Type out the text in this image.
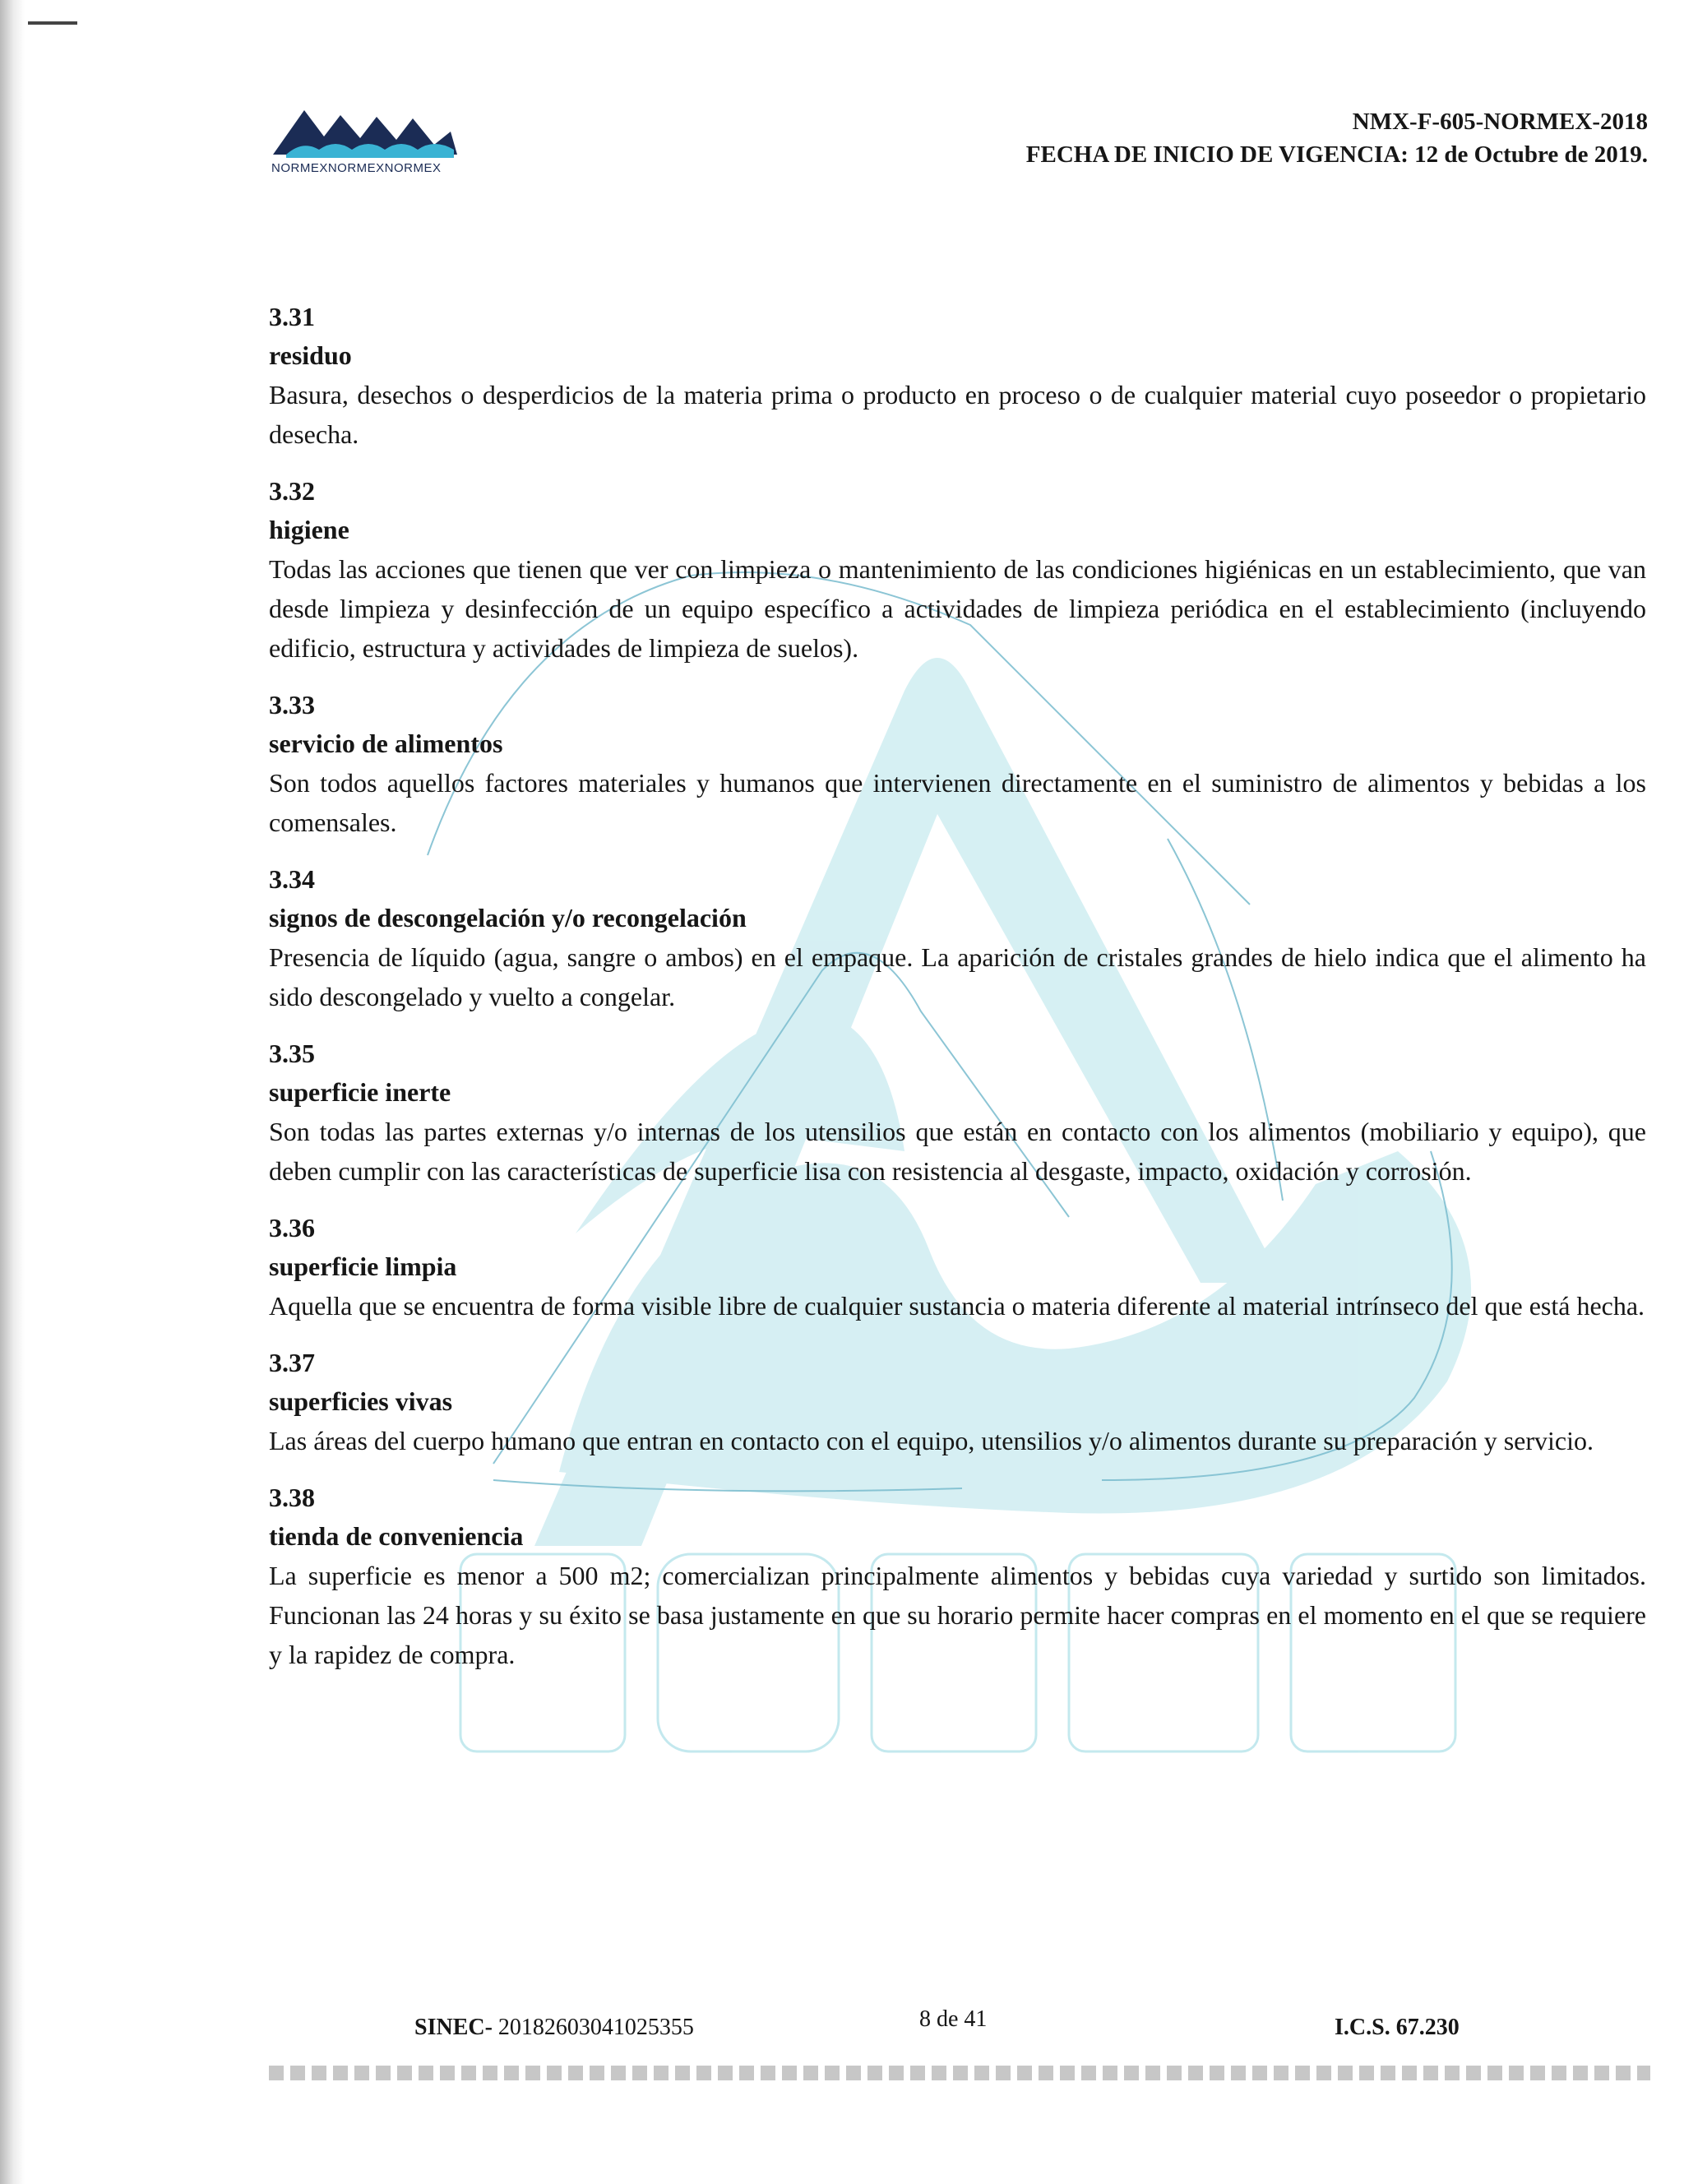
NORMEXNORMEXNORMEX
NMX-F-605-NORMEX-2018
FECHA DE INICIO DE VIGENCIA: 12 de Octubre de 2019.
3.31
residuo

Basura, desechos o desperdicios de la materia prima o producto en proceso o de cualquier material cuyo poseedor o propietario desecha.

3.32
higiene

Todas las acciones que tienen que ver con limpieza o mantenimiento de las condiciones higiénicas en un establecimiento, que van desde limpieza y desinfección de un equipo específico a actividades de limpieza periódica en el establecimiento (incluyendo edificio, estructura y actividades de limpieza de suelos).

3.33
servicio de alimentos

Son todos aquellos factores materiales y humanos que intervienen directamente en el suministro de alimentos y bebidas a los comensales.

3.34
signos de descongelación y/o recongelación

Presencia de líquido (agua, sangre o ambos) en el empaque. La aparición de cristales grandes de hielo indica que el alimento ha sido descongelado y vuelto a congelar.

3.35
superficie inerte

Son todas las partes externas y/o internas de los utensilios que están en contacto con los alimentos (mobiliario y equipo), que deben cumplir con las características de superficie lisa con resistencia al desgaste, impacto, oxidación y corrosión.

3.36
superficie limpia

Aquella que se encuentra de forma visible libre de cualquier sustancia o materia diferente al material intrínseco del que está hecha.

3.37
superficies vivas

Las áreas del cuerpo humano que entran en contacto con el equipo, utensilios y/o alimentos durante su preparación y servicio.

3.38
tienda de conveniencia

La superficie es menor a 500 m2; comercializan principalmente alimentos y bebidas cuya variedad y surtido son limitados. Funcionan las 24 horas y su éxito se basa justamente en que su horario permite hacer compras en el momento en el que se requiere y la rapidez de compra.

SINEC- 20182603041025355	8 de 41	I.C.S. 67.230
